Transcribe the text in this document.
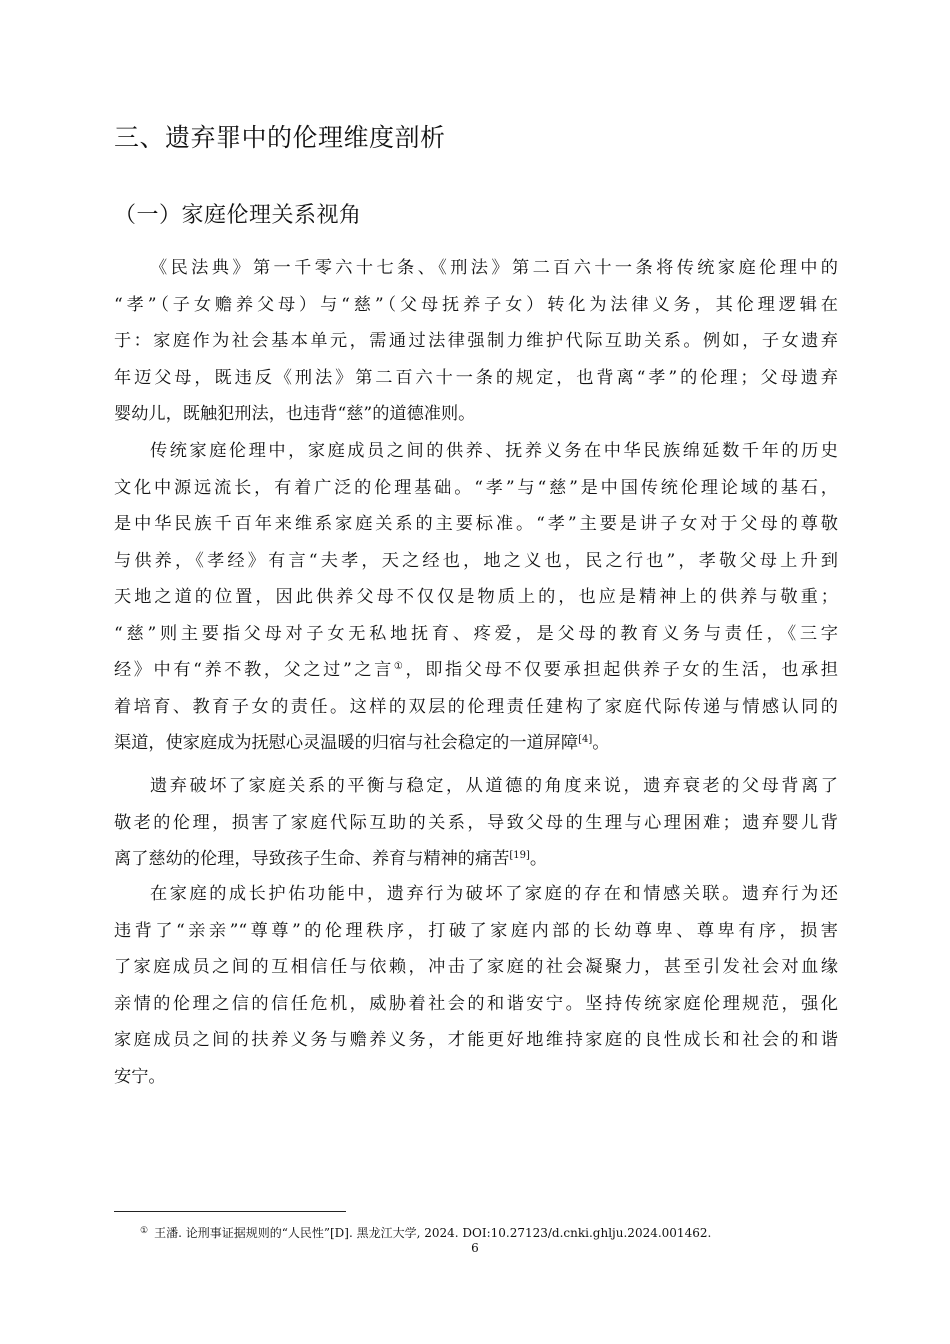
三、遗弃罪中的伦理维度剖析
（一）家庭伦理关系视角
《民法典》第一千零六十七条、《刑法》第二百六十一条将传统家庭伦理中的
“孝”（子女赡养父母）与“慈”（父母抚养子女）转化为法律义务，其伦理逻辑在
于：家庭作为社会基本单元，需通过法律强制力维护代际互助关系。例如，子女遗弃
年迈父母，既违反《刑法》第二百六十一条的规定，也背离“孝”的伦理；父母遗弃
婴幼儿，既触犯刑法，也违背“慈”的道德准则。
传统家庭伦理中，家庭成员之间的供养、抚养义务在中华民族绵延数千年的历史
文化中源远流长，有着广泛的伦理基础。“孝”与“慈”是中国传统伦理论域的基石，
是中华民族千百年来维系家庭关系的主要标准。“孝”主要是讲子女对于父母的尊敬
与供养，《孝经》有言“夫孝，天之经也，地之义也，民之行也”，孝敬父母上升到
天地之道的位置，因此供养父母不仅仅是物质上的，也应是精神上的供养与敬重；
“慈”则主要指父母对子女无私地抚育、疼爱，是父母的教育义务与责任，《三字
经》中有“养不教，父之过”之言①，即指父母不仅要承担起供养子女的生活，也承担
着培育、教育子女的责任。这样的双层的伦理责任建构了家庭代际传递与情感认同的
渠道，使家庭成为抚慰心灵温暖的归宿与社会稳定的一道屏障[4]。
遗弃破坏了家庭关系的平衡与稳定，从道德的角度来说，遗弃衰老的父母背离了
敬老的伦理，损害了家庭代际互助的关系，导致父母的生理与心理困难；遗弃婴儿背
离了慈幼的伦理，导致孩子生命、养育与精神的痛苦[19]。
在家庭的成长护佑功能中，遗弃行为破坏了家庭的存在和情感关联。遗弃行为还
违背了“亲亲”“尊尊”的伦理秩序，打破了家庭内部的长幼尊卑、尊卑有序，损害
了家庭成员之间的互相信任与依赖，冲击了家庭的社会凝聚力，甚至引发社会对血缘
亲情的伦理之信的信任危机，威胁着社会的和谐安宁。坚持传统家庭伦理规范，强化
家庭成员之间的扶养义务与赡养义务，才能更好地维持家庭的良性成长和社会的和谐
安宁。
① 王潘. 论刑事证据规则的“人民性”[D]. 黑龙江大学, 2024. DOI:10.27123/d.cnki.ghlju.2024.001462.
6
